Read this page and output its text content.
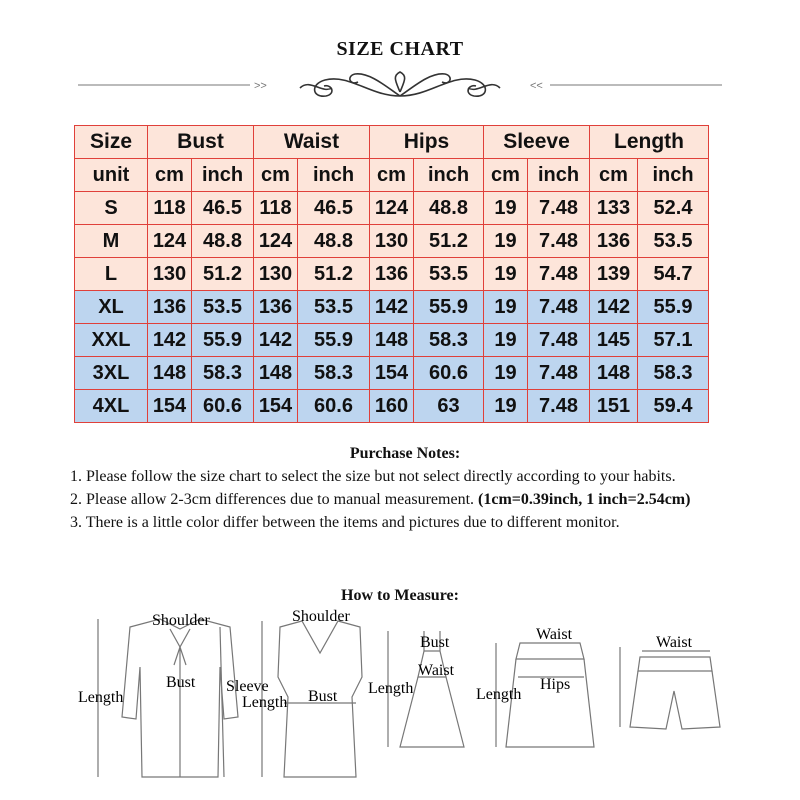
SIZE CHART
>>	<<
Size	Bust		Waist		Hips		Sleeve		Length	
unit	cm	inch	cm	inch	cm	inch	cm	inch	cm	inch
S	118	46.5	118	46.5	124	48.8	19	7.48	133	52.4
M	124	48.8	124	48.8	130	51.2	19	7.48	136	53.5
L	130	51.2	130	51.2	136	53.5	19	7.48	139	54.7
XL	136	53.5	136	53.5	142	55.9	19	7.48	142	55.9
XXL	142	55.9	142	55.9	148	58.3	19	7.48	145	57.1
3XL	148	58.3	148	58.3	154	60.6	19	7.48	148	58.3
4XL	154	60.6	154	60.6	160	63	19	7.48	151	59.4
Purchase Notes:

1. Please follow the size chart to select the size but not select directly according to your habits.

2. Please allow 2-3cm differences due to manual measurement. (1cm=0.39inch, 1 inch=2.54cm)

3. There is a little color differ between the items and pictures due to different monitor.

How to Measure:
Shoulder
Bust
Length
Sleeve
Shoulder
Bust
Length
Bust
Waist
Length
Waist
Hips
Length
Waist
